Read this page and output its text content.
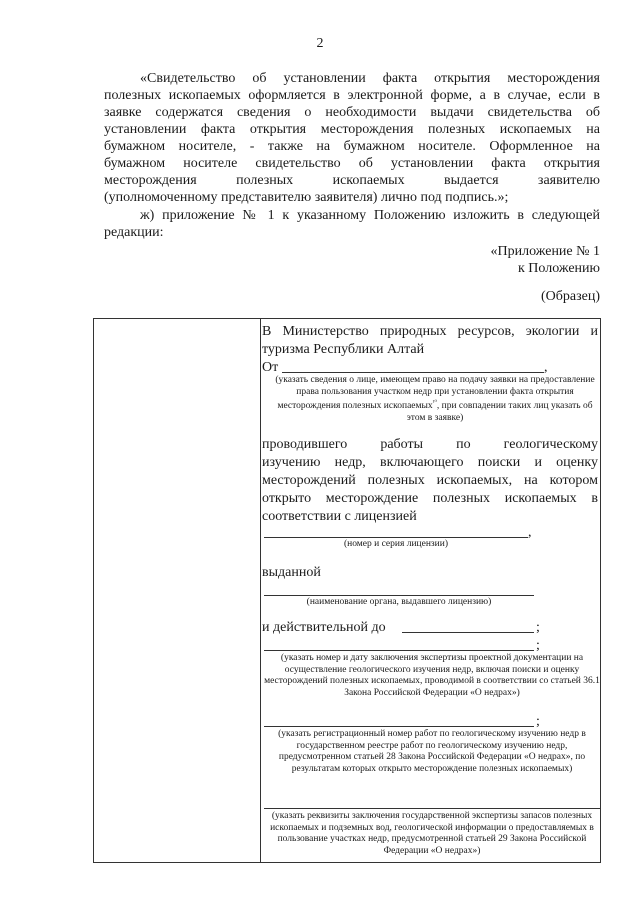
2
«Свидетельство об установлении факта открытия месторождения
полезных ископаемых оформляется в электронной форме, а в случае, если в
заявке содержатся сведения о необходимости выдачи свидетельства об
установлении факта открытия месторождения полезных ископаемых на
бумажном носителе, - также на бумажном носителе. Оформленное на
бумажном носителе свидетельство об установлении факта открытия
месторождения полезных ископаемых выдается заявителю
(уполномоченному представителю заявителя) лично под подпись.»;
ж) приложение № 1 к указанному Положению изложить в следующей
редакции:
«Приложение № 1
к Положению
(Образец)
В Министерство природных ресурсов, экологии и
туризма Республики Алтай
От	,
(указать сведения о лице, имеющем право на подачу заявки на предоставление права пользования участком недр при установлении факта открытия месторождения полезных ископаемых$^{^{10}}$, при совпадении таких лиц указать об этом в заявке)
проводившего работы по геологическому
изучению недр, включающего поиски и оценку
месторождений полезных ископаемых, на котором
открыто месторождение полезных ископаемых в
соответствии с лицензией
,
(номер и серия лицензии)
выданной
(наименование органа, выдавшего лицензию)
и действительной до	;
;
(указать номер и дату заключения экспертизы проектной документации на осуществление геологического изучения недр, включая поиски и оценку месторождений полезных ископаемых, проводимой в соответствии со статьей 36.1 Закона Российской Федерации «О недрах»)
;
(указать регистрационный номер работ по геологическому изучению недр в государственном реестре работ по геологическому изучению недр, предусмотренном статьей 28 Закона Российской Федерации «О недрах», по результатам которых открыто месторождение полезных ископаемых)
(указать реквизиты заключения государственной экспертизы запасов полезных ископаемых и подземных вод, геологической информации о предоставляемых в пользование участках недр, предусмотренной статьей 29 Закона Российской Федерации «О недрах»)
